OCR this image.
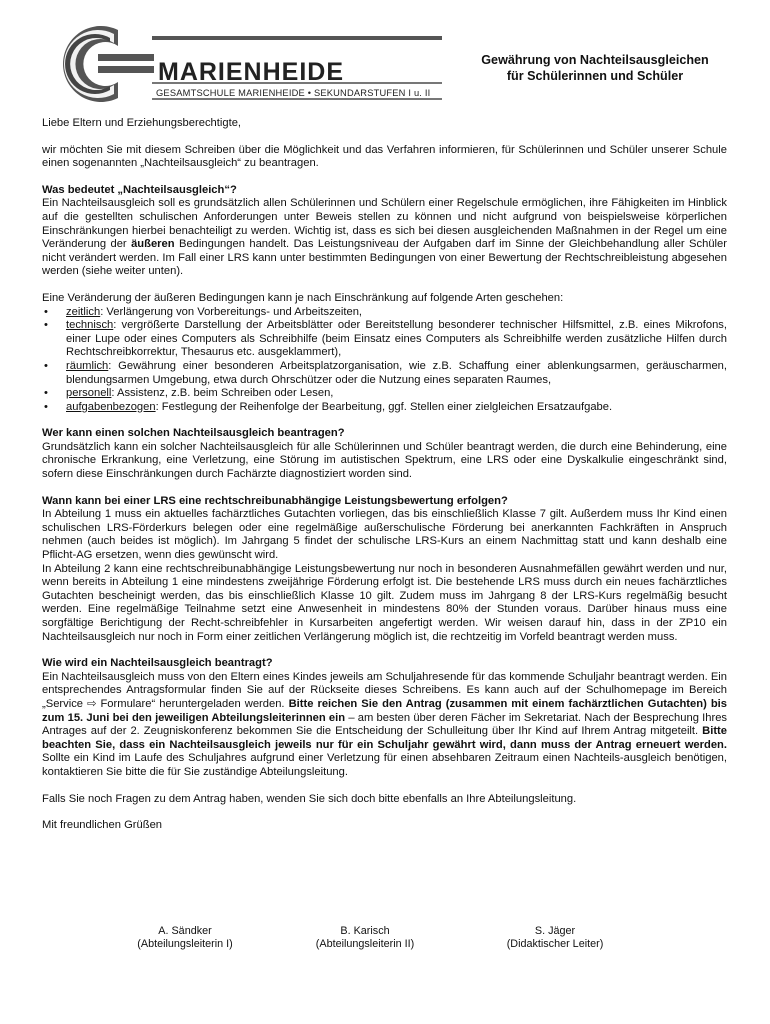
MARIENHEIDE
GESAMTSCHULE MARIENHEIDE • SEKUNDARSTUFEN I u. II
Gewährung von Nachteilsausgleichen
für Schülerinnen und Schüler

Liebe Eltern und Erziehungsberechtigte,

wir möchten Sie mit diesem Schreiben über die Möglichkeit und das Verfahren informieren, für Schülerinnen und Schüler unserer Schule einen sogenannten „Nachteilsausgleich“ zu beantragen.

Was bedeutet „Nachteilsausgleich“?

Ein Nachteilsausgleich soll es grundsätzlich allen Schülerinnen und Schülern einer Regelschule ermöglichen, ihre Fähigkeiten im Hinblick auf die gestellten schulischen Anforderungen unter Beweis stellen zu können und nicht aufgrund von beispielsweise körperlichen Einschränkungen hierbei benachteiligt zu werden. Wichtig ist, dass es sich bei diesen ausgleichenden Maßnahmen in der Regel um eine Veränderung der äußeren Bedingungen handelt. Das Leistungsniveau der Aufgaben darf im Sinne der Gleichbehandlung aller Schüler nicht verändert werden. Im Fall einer LRS kann unter bestimmten Bedingungen von einer Bewertung der Rechtschreibleistung abgesehen werden (siehe weiter unten).

Eine Veränderung der äußeren Bedingungen kann je nach Einschränkung auf folgende Arten geschehen:

• zeitlich: Verlängerung von Vorbereitungs- und Arbeitszeiten,
• technisch: vergrößerte Darstellung der Arbeitsblätter oder Bereitstellung besonderer technischer Hilfsmittel, z.B. eines Mikrofons, einer Lupe oder eines Computers als Schreibhilfe (beim Einsatz eines Computers als Schreibhilfe werden zusätzliche Hilfen durch Rechtschreibkorrektur, Thesaurus etc. ausgeklammert),
• räumlich: Gewährung einer besonderen Arbeitsplatzorganisation, wie z.B. Schaffung einer ablenkungsarmen, geräuscharmen, blendungsarmen Umgebung, etwa durch Ohrschützer oder die Nutzung eines separaten Raumes,
• personell: Assistenz, z.B. beim Schreiben oder Lesen,
• aufgabenbezogen: Festlegung der Reihenfolge der Bearbeitung, ggf. Stellen einer zielgleichen Ersatzaufgabe.

Wer kann einen solchen Nachteilsausgleich beantragen?

Grundsätzlich kann ein solcher Nachteilsausgleich für alle Schülerinnen und Schüler beantragt werden, die durch eine Behinderung, eine chronische Erkrankung, eine Verletzung, eine Störung im autistischen Spektrum, eine LRS oder eine Dyskalkulie eingeschränkt sind, sofern diese Einschränkungen durch Fachärzte diagnostiziert worden sind.

Wann kann bei einer LRS eine rechtschreibunabhängige Leistungsbewertung erfolgen?

In Abteilung 1 muss ein aktuelles fachärztliches Gutachten vorliegen, das bis einschließlich Klasse 7 gilt. Außerdem muss Ihr Kind einen schulischen LRS-Förderkurs belegen oder eine regelmäßige außerschulische Förderung bei anerkannten Fachkräften in Anspruch nehmen (auch beides ist möglich). Im Jahrgang 5 findet der schulische LRS-Kurs an einem Nachmittag statt und kann deshalb eine Pflicht-AG ersetzen, wenn dies gewünscht wird.

In Abteilung 2 kann eine rechtschreibunabhängige Leistungsbewertung nur noch in besonderen Ausnahmefällen gewährt werden und nur, wenn bereits in Abteilung 1 eine mindestens zweijährige Förderung erfolgt ist. Die bestehende LRS muss durch ein neues fachärztliches Gutachten bescheinigt werden, das bis einschließlich Klasse 10 gilt. Zudem muss im Jahrgang 8 der LRS-Kurs regelmäßig besucht werden. Eine regelmäßige Teilnahme setzt eine Anwesenheit in mindestens 80% der Stunden voraus. Darüber hinaus muss eine sorgfältige Berichtigung der Recht-schreibfehler in Kursarbeiten angefertigt werden. Wir weisen darauf hin, dass in der ZP10 ein Nachteilsausgleich nur noch in Form einer zeitlichen Verlängerung möglich ist, die rechtzeitig im Vorfeld beantragt werden muss.

Wie wird ein Nachteilsausgleich beantragt?

Ein Nachteilsausgleich muss von den Eltern eines Kindes jeweils am Schuljahresende für das kommende Schuljahr beantragt werden. Ein entsprechendes Antragsformular finden Sie auf der Rückseite dieses Schreibens. Es kann auch auf der Schulhomepage im Bereich „Service ⇨ Formulare“ heruntergeladen werden. Bitte reichen Sie den Antrag (zusammen mit einem fachärztlichen Gutachten) bis zum 15. Juni bei den jeweiligen Abteilungsleiterinnen ein – am besten über deren Fächer im Sekretariat. Nach der Besprechung Ihres Antrages auf der 2. Zeugniskonferenz bekommen Sie die Entscheidung der Schulleitung über Ihr Kind auf Ihrem Antrag mitgeteilt. Bitte beachten Sie, dass ein Nachteilsausgleich jeweils nur für ein Schuljahr gewährt wird, dann muss der Antrag erneuert werden. Sollte ein Kind im Laufe des Schuljahres aufgrund einer Verletzung für einen absehbaren Zeitraum einen Nachteils-ausgleich benötigen, kontaktieren Sie bitte die für Sie zuständige Abteilungsleitung.

Falls Sie noch Fragen zu dem Antrag haben, wenden Sie sich doch bitte ebenfalls an Ihre Abteilungsleitung.

Mit freundlichen Grüßen

A. Sändker
(Abteilungsleiterin I)
B. Karisch
(Abteilungsleiterin II)
S. Jäger
(Didaktischer Leiter)
